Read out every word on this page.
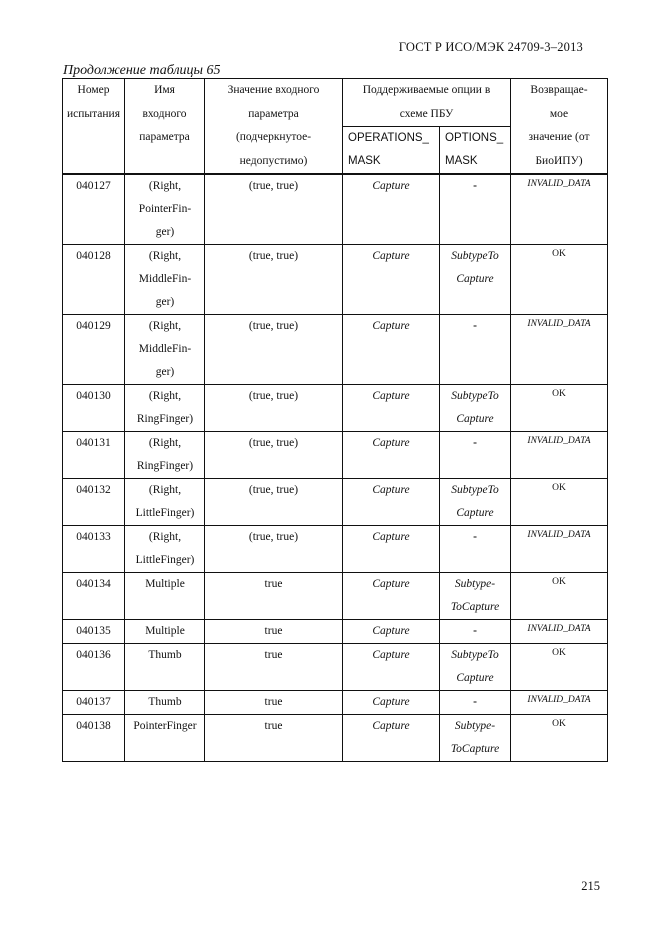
ГОСТ Р ИСО/МЭК 24709-3–2013
Продолжение таблицы 65
Номер
испытания	Имя
входного
параметра	Значение входного
параметра
(подчеркнутое-
недопустимо)	Поддерживаемые опции в
схеме ПБУ		Возвращае-
мое
значение (от
БиоИПУ)

			OPERATIONS_
MASK	OPTIONS_
MASK	

040127	(Right,
PointerFin-
ger)	(true, true)	Capture	-	INVALID_DATA
040128	(Right,
MiddleFin-
ger)	(true, true)	Capture	SubtypeTo
Capture	OK
040129	(Right,
MiddleFin-
ger)	(true, true)	Capture	-	INVALID_DATA
040130	(Right,
RingFinger)	(true, true)	Capture	SubtypeTo
Capture	OK
040131	(Right,
RingFinger)	(true, true)	Capture	-	INVALID_DATA
040132	(Right,
LittleFinger)	(true, true)	Capture	SubtypeTo
Capture	OK
040133	(Right,
LittleFinger)	(true, true)	Capture	-	INVALID_DATA
040134	Multiple	true	Capture	Subtype-
ToCapture	OK
040135	Multiple	true	Capture	-	INVALID_DATA
040136	Thumb	true	Capture	SubtypeTo
Capture	OK
040137	Thumb	true	Capture	-	INVALID_DATA
040138	PointerFinger	true	Capture	Subtype-
ToCapture	OK
215
